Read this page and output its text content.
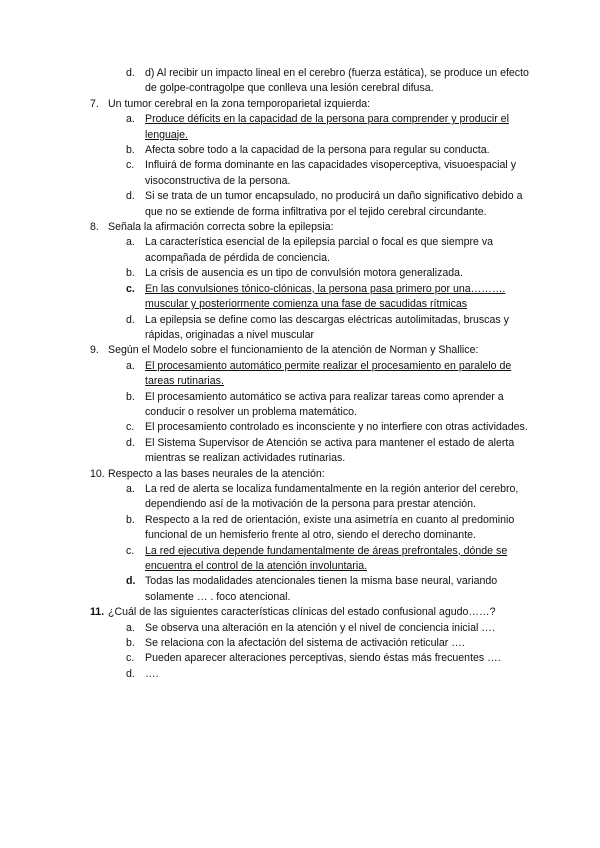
d. d) Al recibir un impacto lineal en el cerebro (fuerza estática), se produce un efecto de golpe-contragolpe que conlleva una lesión cerebral difusa.
7. Un tumor cerebral en la zona temporoparietal izquierda:
a. Produce déficits en la capacidad de la persona para comprender y producir el lenguaje.
b. Afecta sobre todo a la capacidad de la persona para regular su conducta.
c. Influirá de forma dominante en las capacidades visoperceptiva, visuoespacial y visoconstructiva de la persona.
d. Si se trata de un tumor encapsulado, no producirá un daño significativo debido a que no se extiende de forma infiltrativa por el tejido cerebral circundante.
8. Señala la afirmación correcta sobre la epilepsia:
a. La característica esencial de la epilepsia parcial o focal es que siempre va acompañada de pérdida de conciencia.
b. La crisis de ausencia es un tipo de convulsión motora generalizada.
c. En las convulsiones tónico-clónicas, la persona pasa primero por una………. muscular y posteriormente comienza una fase de sacudidas rítmicas
d. La epilepsia se define como las descargas eléctricas autolimitadas, bruscas y rápidas, originadas a nivel muscular
9. Según el Modelo sobre el funcionamiento de la atención de Norman y Shallice:
a. El procesamiento automático permite realizar el procesamiento en paralelo de tareas rutinarias.
b. El procesamiento automático se activa para realizar tareas como aprender a conducir o resolver un problema matemático.
c. El procesamiento controlado es inconsciente y no interfiere con otras actividades.
d. El Sistema Supervisor de Atención se activa para mantener el estado de alerta mientras se realizan actividades rutinarias.
10. Respecto a las bases neurales de la atención:
a. La red de alerta se localiza fundamentalmente en la región anterior del cerebro, dependiendo así de la motivación de la persona para prestar atención.
b. Respecto a la red de orientación, existe una asimetría en cuanto al predominio funcional de un hemisferio frente al otro, siendo el derecho dominante.
c. La red ejecutiva depende fundamentalmente de áreas prefrontales, dónde se encuentra el control de la atención involuntaria.
d. Todas las modalidades atencionales tienen la misma base neural, variando solamente … . foco atencional.
11. ¿Cuál de las siguientes características clínicas del estado confusional agudo……?
a. Se observa una alteración en la atención y el nivel de conciencia inicial ….
b. Se relaciona con la afectación del sistema de activación reticular ….
c. Pueden aparecer alteraciones perceptivas, siendo éstas más frecuentes ….
d. ….
